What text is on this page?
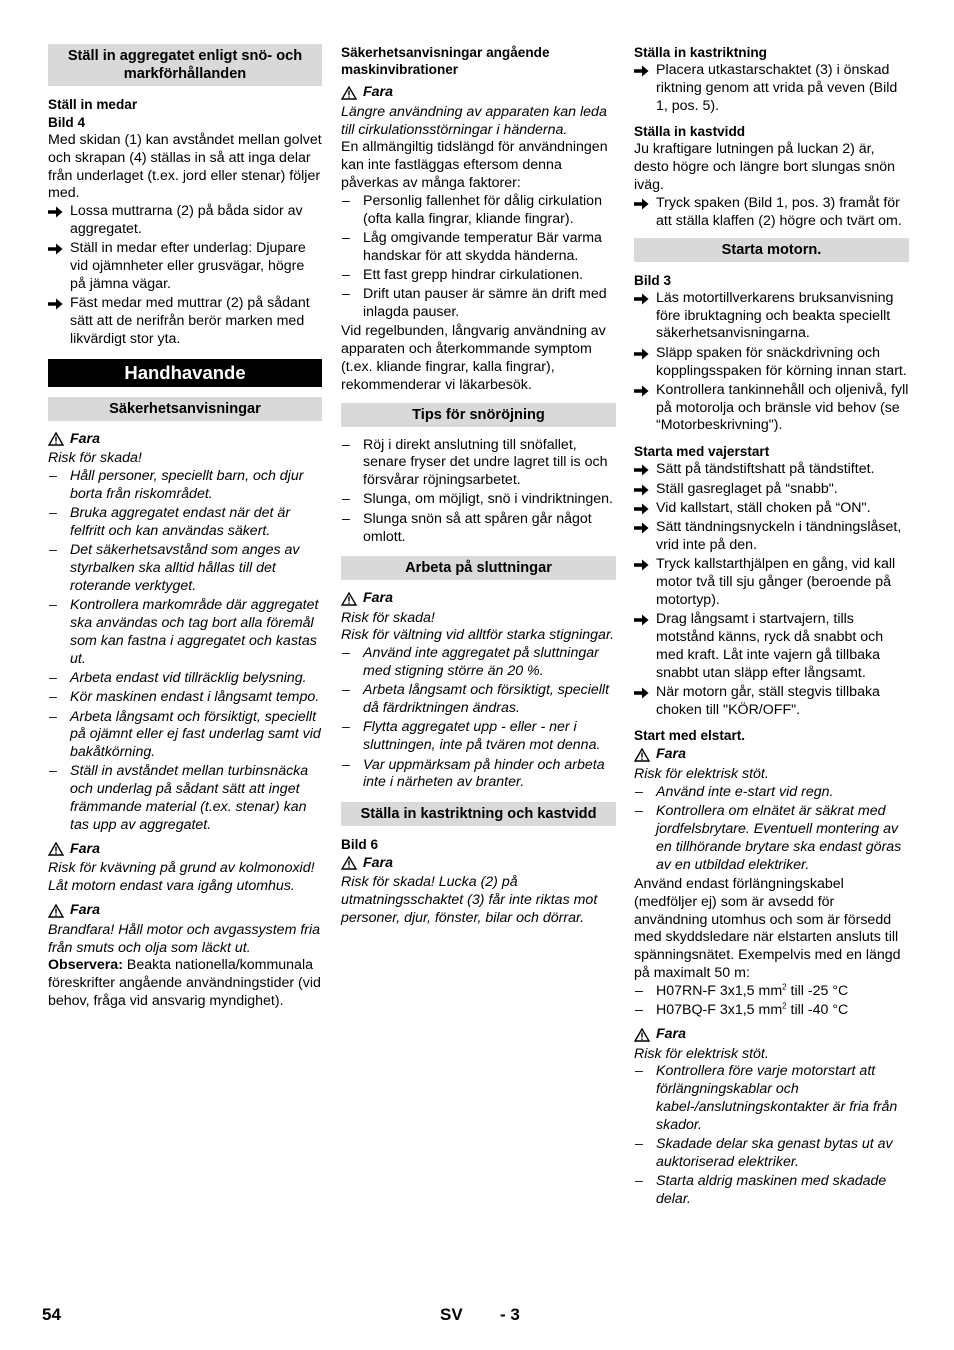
Ställ in aggregatet enligt snö- och markförhållanden
Ställ in medar
Bild 4

Med skidan (1) kan avståndet mellan golvet och skrapan (4) ställas in så att inga delar från underlaget (t.ex. jord eller stenar) följer med.

Lossa muttrarna (2) på båda sidor av aggregatet.
Ställ in medar efter underlag: Djupare vid ojämnheter eller grusvägar, högre på jämna vägar.
Fäst medar med muttrar (2) på sådant sätt att de nerifrån berör marken med likvärdigt stor yta.
Handhavande
Säkerhetsanvisningar
Fara

Risk för skada!

– Håll personer, speciellt barn, och djur borta från riskområdet.
– Bruka aggregatet endast när det är felfritt och kan användas säkert.
– Det säkerhetsavstånd som anges av styrbalken ska alltid hållas till det roterande verktyget.
– Kontrollera markområde där aggregatet ska användas och tag bort alla föremål som kan fastna i aggregatet och kastas ut.
– Arbeta endast vid tillräcklig belysning.
– Kör maskinen endast i långsamt tempo.
– Arbeta långsamt och försiktigt, speciellt på ojämnt eller ej fast underlag samt vid bakåtkörning.
– Ställ in avståndet mellan turbinsnäcka och underlag på sådant sätt att inget främmande material (t.ex. stenar) kan tas upp av aggregatet.
Fara

Risk för kvävning på grund av kolmonoxid! Låt motorn endast vara igång utomhus.

Fara

Brandfara! Håll motor och avgassystem fria från smuts och olja som läckt ut.

Observera: Beakta nationella/kommunala föreskrifter angående användningstider (vid behov, fråga vid ansvarig myndighet).

Säkerhetsanvisningar angående maskinvibrationer
Fara

Längre användning av apparaten kan leda till cirkulationsstörningar i händerna.

En allmängiltig tidslängd för användningen kan inte fastläggas eftersom denna påverkas av många faktorer:

– Personlig fallenhet för dålig cirkulation (ofta kalla fingrar, kliande fingrar).
– Låg omgivande temperatur Bär varma handskar för att skydda händerna.
– Ett fast grepp hindrar cirkulationen.
– Drift utan pauser är sämre än drift med inlagda pauser.

Vid regelbunden, långvarig användning av apparaten och återkommande symptom (t.ex. kliande fingrar, kalla fingrar), rekommenderar vi läkarbesök.

Tips för snöröjning
– Röj i direkt anslutning till snöfallet, senare fryser det undre lagret till is och försvårar röjningsarbetet.
– Slunga, om möjligt, snö i vindriktningen.
– Slunga snön så att spåren går något omlott.
Arbeta på sluttningar
Fara

Risk för skada!

Risk för vältning vid alltför starka stigningar.

– Använd inte aggregatet på sluttningar med stigning större än 20 %.
– Arbeta långsamt och försiktigt, speciellt då färdriktningen ändras.
– Flytta aggregatet upp - eller - ner i sluttningen, inte på tvären mot denna.
– Var uppmärksam på hinder och arbeta inte i närheten av branter.
Ställa in kastriktning och kastvidd
Bild 6
Fara

Risk för skada! Lucka (2) på utmatningsschaktet (3) får inte riktas mot personer, djur, fönster, bilar och dörrar.

Ställa in kastriktning
Placera utkastarschaktet (3) i önskad riktning genom att vrida på veven (Bild 1, pos. 5).
Ställa in kastvidd

Ju kraftigare lutningen på luckan 2) är, desto högre och längre bort slungas snön iväg.

Tryck spaken (Bild 1, pos. 3) framåt för att ställa klaffen (2) högre och tvärt om.
Starta motorn.
Bild 3
Läs motortillverkarens bruksanvisning före ibruktagning och beakta speciellt säkerhetsanvisningarna.
Släpp spaken för snäckdrivning och kopplingsspaken för körning innan start.
Kontrollera tankinnehåll och oljenivå, fyll på motorolja och bränsle vid behov (se “Motorbeskrivning").
Starta med vajerstart
Sätt på tändstiftshatt på tändstiftet.
Ställ gasreglaget på “snabb".
Vid kallstart, ställ choken på “ON".
Sätt tändningsnyckeln i tändningslåset, vrid inte på den.
Tryck kallstarthjälpen en gång, vid kall motor två till sju gånger (beroende på motortyp).
Drag långsamt i startvajern, tills motstånd känns, ryck då snabbt och med kraft. Låt inte vajern gå tillbaka snabbt utan släpp efter långsamt.
När motorn går, ställ stegvis tillbaka choken till "KÖR/OFF".
Start med elstart.
Fara

Risk för elektrisk stöt.

– Använd inte e-start vid regn.
– Kontrollera om elnätet är säkrat med jordfelsbrytare. Eventuell montering av en tillhörande brytare ska endast göras av en utbildad elektriker.

Använd endast förlängningskabel (medföljer ej) som är avsedd för användning utomhus och som är försedd med skyddsledare när elstarten ansluts till spänningsnätet. Exempelvis med en längd på maximalt 50 m:

– H07RN-F 3x1,5 $mm^2$ till -25 °C
– H07BQ-F 3x1,5 $mm^2$ till -40 °C
Fara

Risk för elektrisk stöt.

– Kontrollera före varje motorstart att förlängningskablar och kabel-/anslutningskontakter är fria från skador.
– Skadade delar ska genast bytas ut av auktoriserad elektriker.
– Starta aldrig maskinen med skadade delar.
54	SV - 3
